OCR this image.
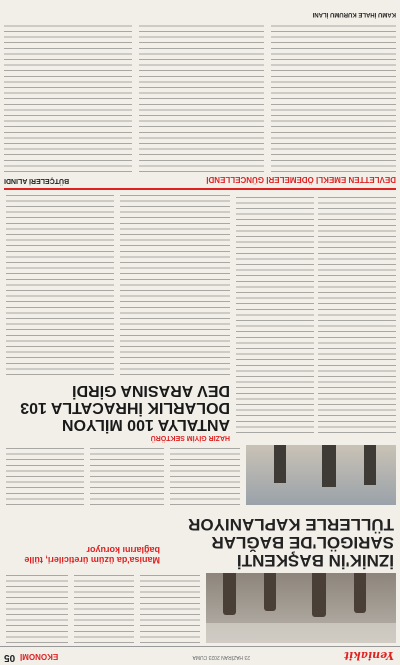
Yeniakit
23 HAZİRAN 2023 CUMA
EKONOMİ
05
İZNİK'İN BAŞKENTİ SARIGÖL'DE BAĞLAR TÜLLERLE KAPLANIYOR
Manisa'da üzüm üreticileri, tülle bağlarını koruyor
HAZIR GİYİM SEKTÖRÜ
ANTALYA 100 MİLYON DOLARLIK İHRACATLA 103 DEV ARASINA GİRDİ
DEVLETTEN EMEKLİ ÖDEMELERİ GÜNCELLENDİ
BÜTÇELERİ ALINDI
KAMU İHALE KURUMU İLANI
